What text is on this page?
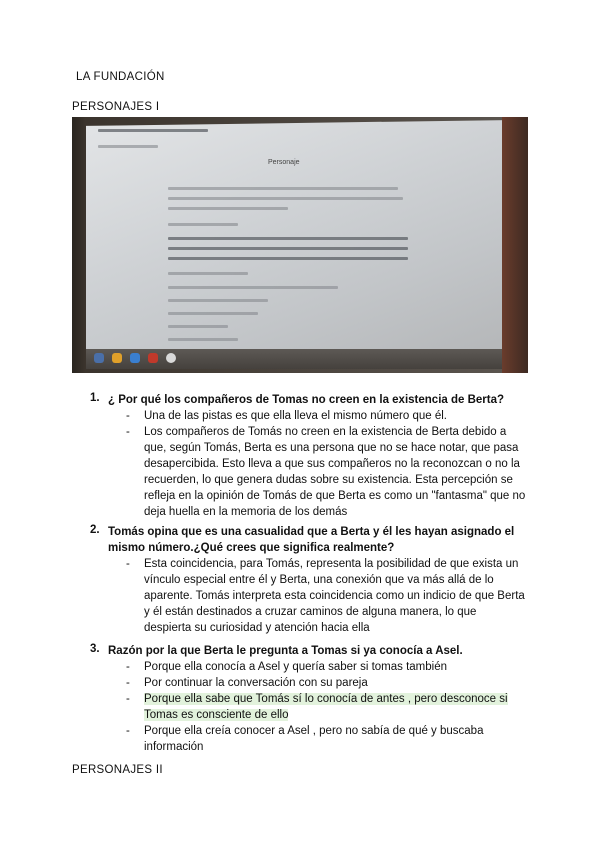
LA FUNDACIÓN
PERSONAJES I
Personaje
1. ¿ Por qué los compañeros de Tomas no creen en la existencia de Berta?
- Una de las pistas es que ella lleva el mismo número que él.
- Los compañeros de Tomás no creen en la existencia de Berta debido a que, según Tomás, Berta es una persona que no se hace notar, que pasa desapercibida. Esto lleva a que sus compañeros no la reconozcan o no la recuerden, lo que genera dudas sobre su existencia. Esta percepción se refleja en la opinión de Tomás de que Berta es como un "fantasma" que no deja huella en la memoria de los demás
2. Tomás opina que es una casualidad que a Berta y él les hayan asignado el mismo número.¿Qué crees que significa realmente?
- Esta coincidencia, para Tomás, representa la posibilidad de que exista un vínculo especial entre él y Berta, una conexión que va más allá de lo aparente. Tomás interpreta esta coincidencia como un indicio de que Berta y él están destinados a cruzar caminos de alguna manera, lo que despierta su curiosidad y atención hacia ella
3. Razón por la que Berta le pregunta a Tomas si ya conocía a Asel.
- Porque ella conocía a Asel y quería saber si tomas también
- Por continuar la conversación con su pareja
- Porque ella sabe que Tomás sí lo conocía de antes , pero desconoce si Tomas es consciente de ello
- Porque ella creía conocer a Asel , pero no sabía de qué y buscaba información
PERSONAJES II
